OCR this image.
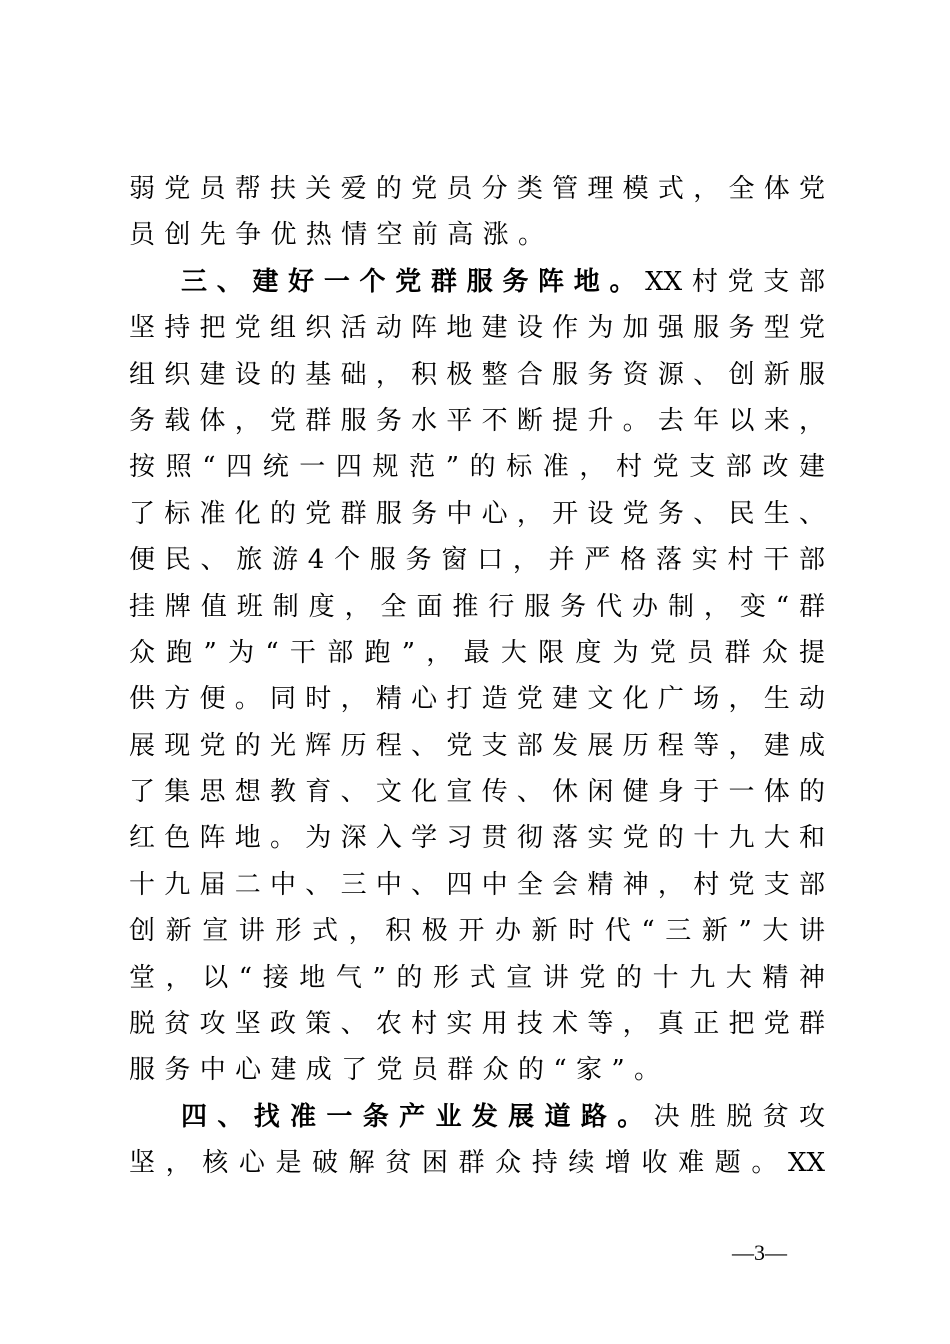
弱党员帮扶关爱的党员分类管理模式，全体党
员创先争优热情空前高涨。
三、建好一个党群服务阵地。XX村党支部
坚持把党组织活动阵地建设作为加强服务型党
组织建设的基础，积极整合服务资源、创新服
务载体，党群服务水平不断提升。去年以来，
按照“四统一四规范”的标准，村党支部改建
了标准化的党群服务中心，开设党务、民生、
便民、旅游4个服务窗口，并严格落实村干部
挂牌值班制度，全面推行服务代办制，变“群
众跑”为“干部跑”，最大限度为党员群众提
供方便。同时，精心打造党建文化广场，生动
展现党的光辉历程、党支部发展历程等，建成
了集思想教育、文化宣传、休闲健身于一体的
红色阵地。为深入学习贯彻落实党的十九大和
十九届二中、三中、四中全会精神，村党支部
创新宣讲形式，积极开办新时代“三新”大讲
堂，以“接地气”的形式宣讲党的十九大精神
脱贫攻坚政策、农村实用技术等，真正把党群
服务中心建成了党员群众的“家”。
四、找准一条产业发展道路。决胜脱贫攻
坚，核心是破解贫困群众持续增收难题。XX
—3—
